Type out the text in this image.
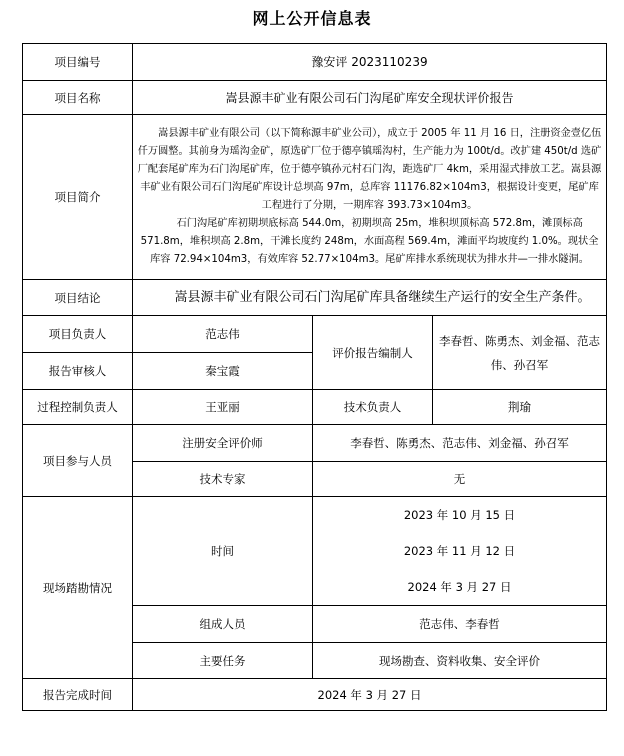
网上公开信息表
项目编号	豫安评 2023110239		
项目名称	嵩县源丰矿业有限公司石门沟尾矿库安全现状评价报告		
项目简介	嵩县源丰矿业有限公司（以下简称源丰矿业公司），成立于 2005 年 11 月 16 日，注册资金壹亿伍仟万圆整。其前身为瑶沟金矿，原选矿厂位于德亭镇瑶沟村，生产能力为 100t/d。改扩建 450t/d 选矿厂配套尾矿库为石门沟尾矿库，位于德亭镇孙元村石门沟，距选矿厂 4km，采用湿式排放工艺。嵩县源丰矿业有限公司石门沟尾矿库设计总坝高 97m，总库容 11176.82×104m3，根据设计变更，尾矿库工程进行了分期，一期库容 393.73×104m3。

石门沟尾矿库初期坝底标高 544.0m，初期坝高 25m，堆积坝顶标高 572.8m，滩顶标高 571.8m，堆积坝高 2.8m，干滩长度约 248m，水面高程 569.4m，滩面平均坡度约 1.0%。现状全库容 72.94×104m3，有效库容 52.77×104m3。尾矿库排水系统现状为排水井—一排水隧洞。		

项目结论	嵩县源丰矿业有限公司石门沟尾矿库具备继续生产运行的安全生产条件。		

项目负责人	范志伟	评价报告编制人	李春哲、陈勇杰、刘金福、范志伟、孙召军
报告审核人	秦宝霞		
过程控制负责人	王亚丽	技术负责人	荆瑜
项目参与人员	注册安全评价师	李春哲、陈勇杰、范志伟、刘金福、孙召军	
	技术专家	无	
现场踏勘情况	时间	2023 年 10 月 15 日
2023 年 11 月 12 日
2024 年 3 月 27 日	

	组成人员	范志伟、李春哲	
	主要任务	现场勘查、资料收集、安全评价	
报告完成时间	2024 年 3 月 27 日		
